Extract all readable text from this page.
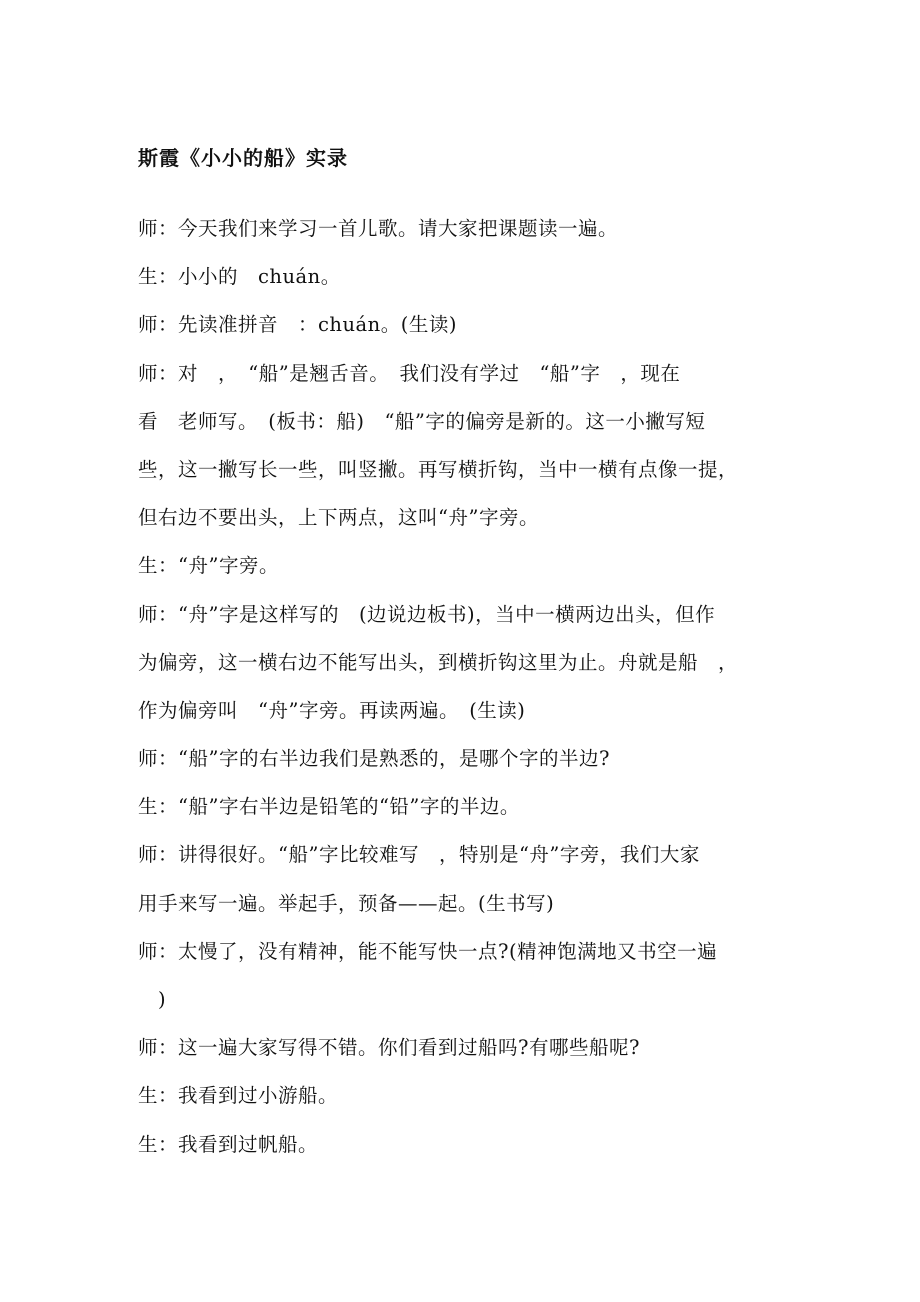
斯霞《小小的船》实录
师：今天我们来学习一首儿歌。请大家把课题读一遍。
生：小小的　chuán。
师：先读准拼音　：chuán。(生读)
师：对　，　“船”是翘舌音。　我们没有学过　“船”字　，现在
看　老师写。　(板书：船)　“船”字的偏旁是新的。这一小撇写短
些，这一撇写长一些，叫竖撇。再写横折钩，当中一横有点像一提，
但右边不要出头，上下两点，这叫“舟”字旁。
生：“舟”字旁。
师：“舟”字是这样写的　(边说边板书)，当中一横两边出头，但作
为偏旁，这一横右边不能写出头，到横折钩这里为止。舟就是船　，
作为偏旁叫　“舟”字旁。再读两遍。　(生读)
师：“船”字的右半边我们是熟悉的，是哪个字的半边?
生：“船”字右半边是铅笔的“铅”字的半边。
师：讲得很好。“船”字比较难写　，特别是“舟”字旁，我们大家
用手来写一遍。举起手，预备——起。(生书写)
师：太慢了，没有精神，能不能写快一点?(精神饱满地又书空一遍
)
师：这一遍大家写得不错。你们看到过船吗?有哪些船呢?
生：我看到过小游船。
生：我看到过帆船。
